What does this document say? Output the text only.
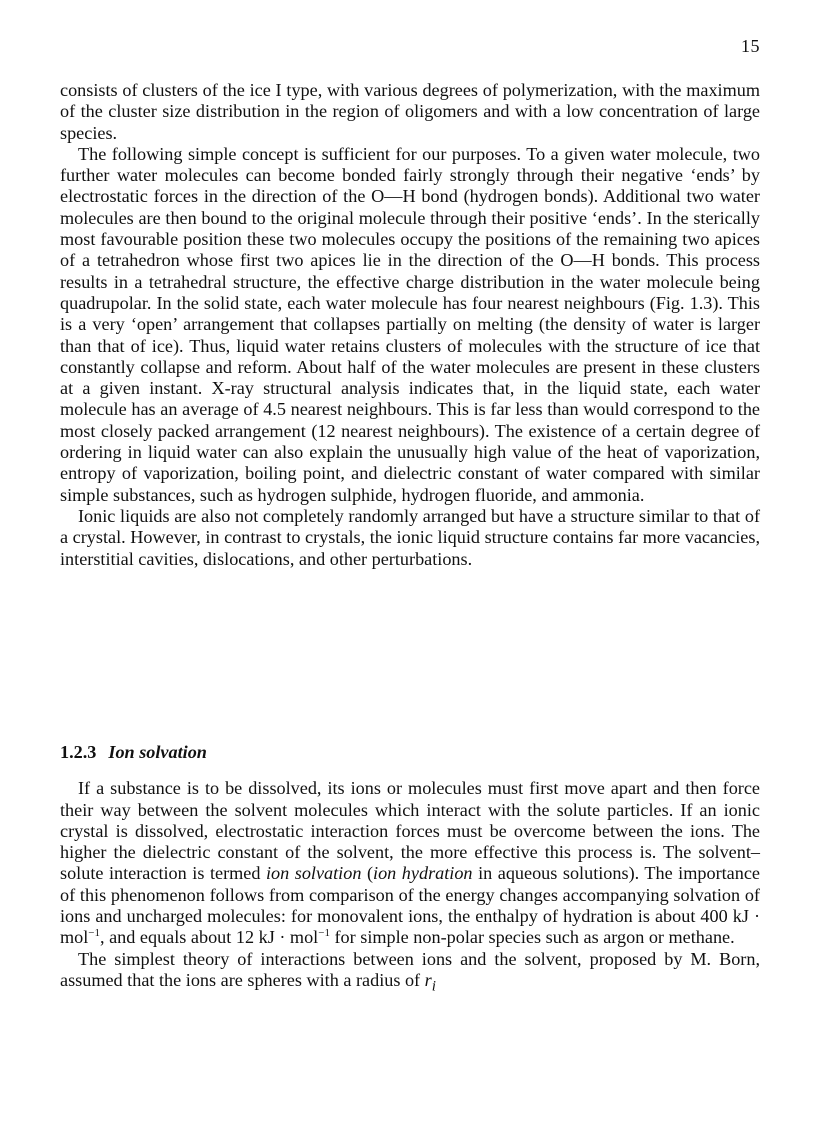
15

consists of clusters of the ice I type, with various degrees of polymerization, with the maximum of the cluster size distribution in the region of oligomers and with a low concentration of large species.

The following simple concept is sufficient for our purposes. To a given water molecule, two further water molecules can become bonded fairly strongly through their negative ‘ends’ by electrostatic forces in the direction of the O—H bond (hydrogen bonds). Additional two water molecules are then bound to the original molecule through their positive ‘ends’. In the sterically most favourable position these two molecules occupy the positions of the remaining two apices of a tetrahedron whose first two apices lie in the direction of the O—H bonds. This process results in a tetrahedral structure, the effective charge distribution in the water molecule being quadrupolar. In the solid state, each water molecule has four nearest neighbours (Fig. 1.3). This is a very ‘open’ arrangement that collapses partially on melting (the density of water is larger than that of ice). Thus, liquid water retains clusters of molecules with the structure of ice that constantly collapse and reform. About half of the water molecules are present in these clusters at a given instant. X-ray structural analysis indicates that, in the liquid state, each water molecule has an average of 4.5 nearest neighbours. This is far less than would correspond to the most closely packed arrangement (12 nearest neighbours). The existence of a certain degree of ordering in liquid water can also explain the unusually high value of the heat of vaporization, entropy of vaporization, boiling point, and dielectric constant of water compared with similar simple substances, such as hydrogen sulphide, hydrogen fluoride, and ammonia.

Ionic liquids are also not completely randomly arranged but have a structure similar to that of a crystal. However, in contrast to crystals, the ionic liquid structure contains far more vacancies, interstitial cavities, dislocations, and other perturbations.

1.2.3 Ion solvation

If a substance is to be dissolved, its ions or molecules must first move apart and then force their way between the solvent molecules which interact with the solute particles. If an ionic crystal is dissolved, electrostatic interaction forces must be overcome between the ions. The higher the dielectric constant of the solvent, the more effective this process is. The solvent–solute interaction is termed ion solvation (ion hydration in aqueous solutions). The importance of this phenomenon follows from comparison of the energy changes accompanying solvation of ions and uncharged molecules: for monovalent ions, the enthalpy of hydration is about 400 kJ · mol$^{-1}$, and equals about 12 kJ · mol$^{-1}$ for simple non-polar species such as argon or methane.

The simplest theory of interactions between ions and the solvent, proposed by M. Born, assumed that the ions are spheres with a radius of $r_i$
